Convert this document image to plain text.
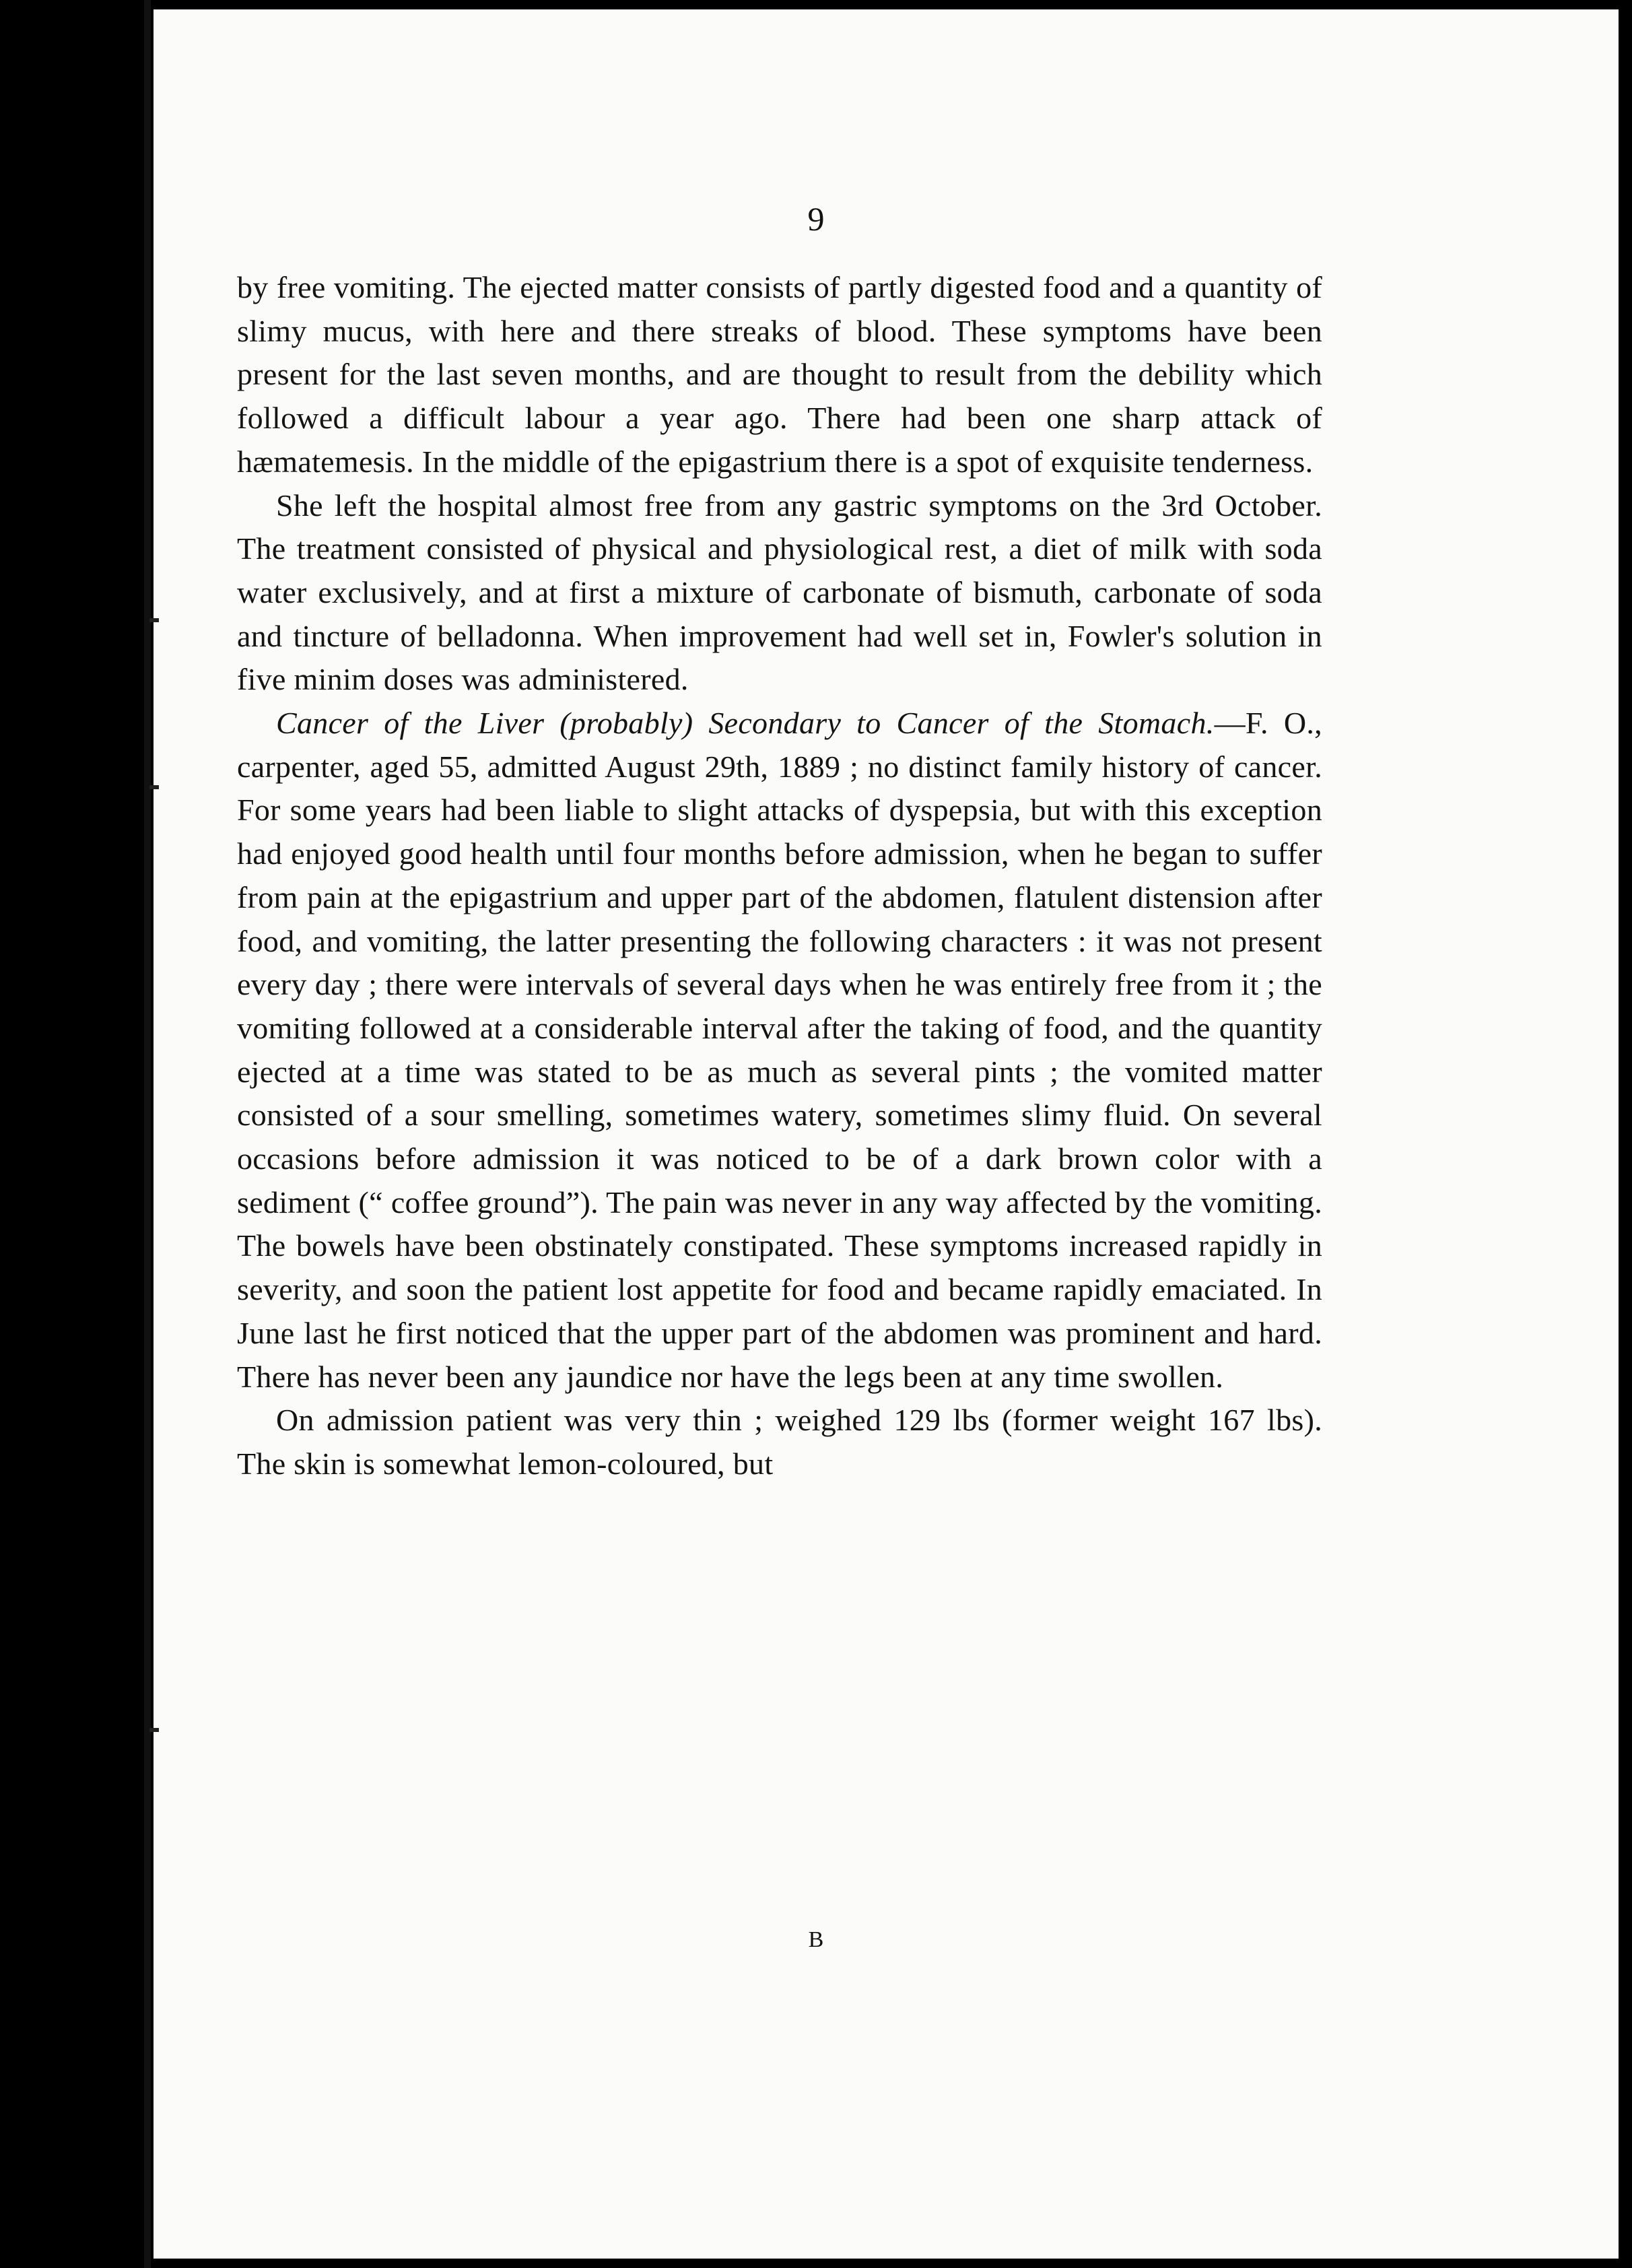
9

by free vomiting. The ejected matter consists of partly digested food and a quantity of slimy mucus, with here and there streaks of blood. These symptoms have been present for the last seven months, and are thought to result from the debility which followed a difficult labour a year ago. There had been one sharp attack of hæmatemesis. In the middle of the epigastrium there is a spot of exquisite tenderness.

She left the hospital almost free from any gastric symptoms on the 3rd October. The treatment consisted of physical and physiological rest, a diet of milk with soda water exclusively, and at first a mixture of carbonate of bismuth, carbonate of soda and tincture of belladonna. When improvement had well set in, Fowler's solution in five minim doses was administered.

Cancer of the Liver (probably) Secondary to Cancer of the Stomach.—F. O., carpenter, aged 55, admitted August 29th, 1889 ; no distinct family history of cancer. For some years had been liable to slight attacks of dyspepsia, but with this exception had enjoyed good health until four months before admission, when he began to suffer from pain at the epigastrium and upper part of the abdomen, flatulent distension after food, and vomiting, the latter presenting the following characters : it was not present every day ; there were intervals of several days when he was entirely free from it ; the vomiting followed at a considerable interval after the taking of food, and the quantity ejected at a time was stated to be as much as several pints ; the vomited matter consisted of a sour smelling, sometimes watery, sometimes slimy fluid. On several occasions before admission it was noticed to be of a dark brown color with a sediment (“ coffee ground”). The pain was never in any way affected by the vomiting. The bowels have been obstinately constipated. These symptoms increased rapidly in severity, and soon the patient lost appetite for food and became rapidly emaciated. In June last he first noticed that the upper part of the abdomen was prominent and hard. There has never been any jaundice nor have the legs been at any time swollen.

On admission patient was very thin ; weighed 129 lbs (former weight 167 lbs). The skin is somewhat lemon-coloured, but

B
